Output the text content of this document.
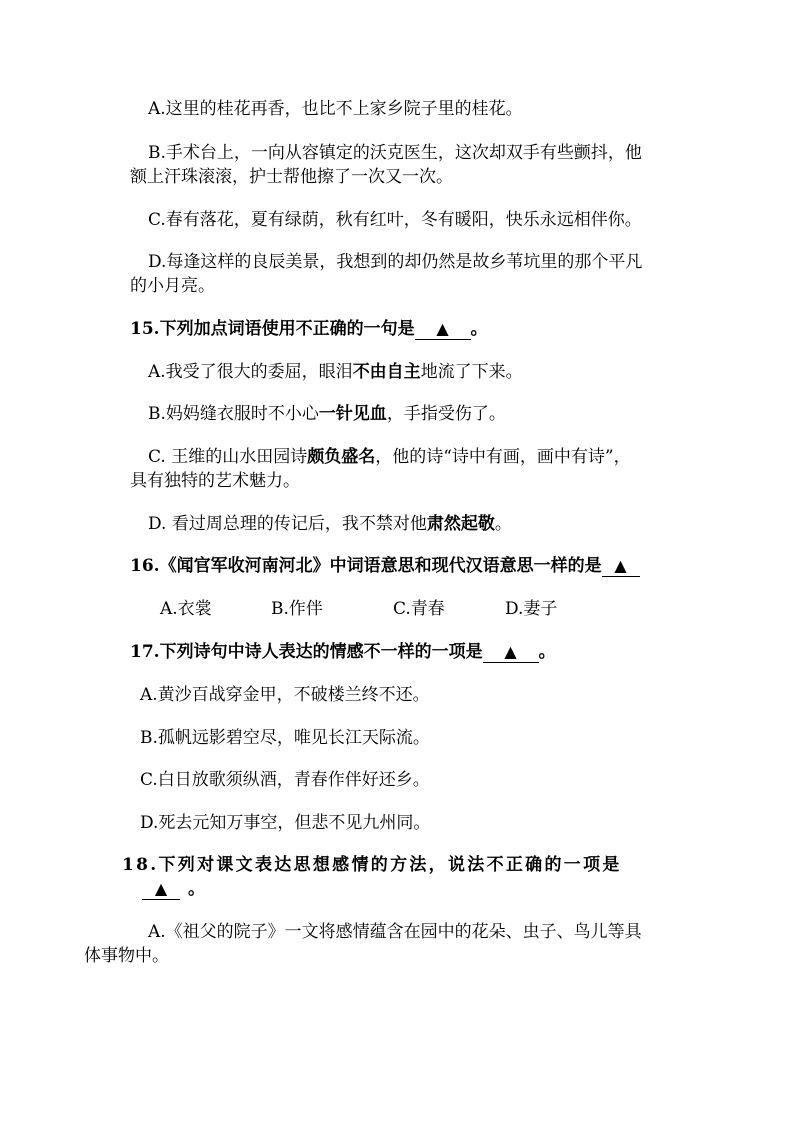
A.这里的桂花再香，也比不上家乡院子里的桂花。
B.手术台上，一向从容镇定的沃克医生，这次却双手有些颤抖，他
额上汗珠滚滚，护士帮他擦了一次又一次。
C.春有落花，夏有绿荫，秋有红叶，冬有暖阳，快乐永远相伴你。
D.每逢这样的良辰美景，我想到的却仍然是故乡苇坑里的那个平凡
的小月亮。
15.下列加点词语使用不正确的一句是 ▲ 。
A.我受了很大的委屈，眼泪不由自主地流了下来。
B.妈妈缝衣服时不小心一针见血，手指受伤了。
C. 王维的山水田园诗颇负盛名，他的诗“诗中有画，画中有诗”，
具有独特的艺术魅力。
D. 看过周总理的传记后，我不禁对他肃然起敬。
16.《闻官军收河南河北》中词语意思和现代汉语意思一样的是 ▲
A.衣裳	B.作伴	C.青春	D.妻子
17.下列诗句中诗人表达的情感不一样的一项是 ▲ 。
A.黄沙百战穿金甲，不破楼兰终不还。
B.孤帆远影碧空尽，唯见长江天际流。
C.白日放歌须纵酒，青春作伴好还乡。
D.死去元知万事空，但悲不见九州同。
18.下列对课文表达思想感情的方法，说法不正确的一项是
▲ 。
A.《祖父的院子》一文将感情蕴含在园中的花朵、虫子、鸟儿等具
体事物中。
